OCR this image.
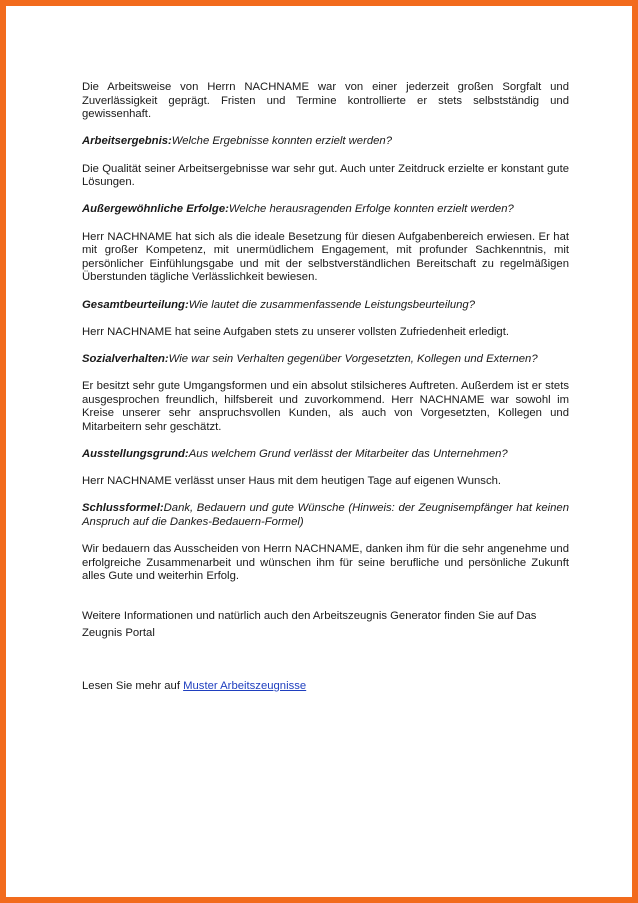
Die Arbeitsweise von Herrn NACHNAME war von einer jederzeit großen Sorgfalt und Zuverlässigkeit geprägt. Fristen und Termine kontrollierte er stets selbstständig und gewissenhaft.

Arbeitsergebnis:Welche Ergebnisse konnten erzielt werden?

Die Qualität seiner Arbeitsergebnisse war sehr gut. Auch unter Zeitdruck erzielte er konstant gute Lösungen.

Außergewöhnliche Erfolge:Welche herausragenden Erfolge konnten erzielt werden?

Herr NACHNAME hat sich als die ideale Besetzung für diesen Aufgabenbereich erwiesen. Er hat mit großer Kompetenz, mit unermüdlichem Engagement, mit profunder Sachkenntnis, mit persönlicher Einfühlungsgabe und mit der selbstverständlichen Bereitschaft zu regelmäßigen Überstunden tägliche Verlässlichkeit bewiesen.

Gesamtbeurteilung:Wie lautet die zusammenfassende Leistungsbeurteilung?

Herr NACHNAME hat seine Aufgaben stets zu unserer vollsten Zufriedenheit erledigt.

Sozialverhalten:Wie war sein Verhalten gegenüber Vorgesetzten, Kollegen und Externen?

Er besitzt sehr gute Umgangsformen und ein absolut stilsicheres Auftreten. Außerdem ist er stets ausgesprochen freundlich, hilfsbereit und zuvorkommend. Herr NACHNAME war sowohl im Kreise unserer sehr anspruchsvollen Kunden, als auch von Vorgesetzten, Kollegen und Mitarbeitern sehr geschätzt.

Ausstellungsgrund:Aus welchem Grund verlässt der Mitarbeiter das Unternehmen?

Herr NACHNAME verlässt unser Haus mit dem heutigen Tage auf eigenen Wunsch.

Schlussformel:Dank, Bedauern und gute Wünsche (Hinweis: der Zeugnisempfänger hat keinen Anspruch auf die Dankes-Bedauern-Formel)

Wir bedauern das Ausscheiden von Herrn NACHNAME, danken ihm für die sehr angenehme und erfolgreiche Zusammenarbeit und wünschen ihm für seine berufliche und persönliche Zukunft alles Gute und weiterhin Erfolg.

Weitere Informationen und natürlich auch den Arbeitszeugnis Generator finden Sie auf Das Zeugnis Portal

Lesen Sie mehr auf Muster Arbeitszeugnisse
